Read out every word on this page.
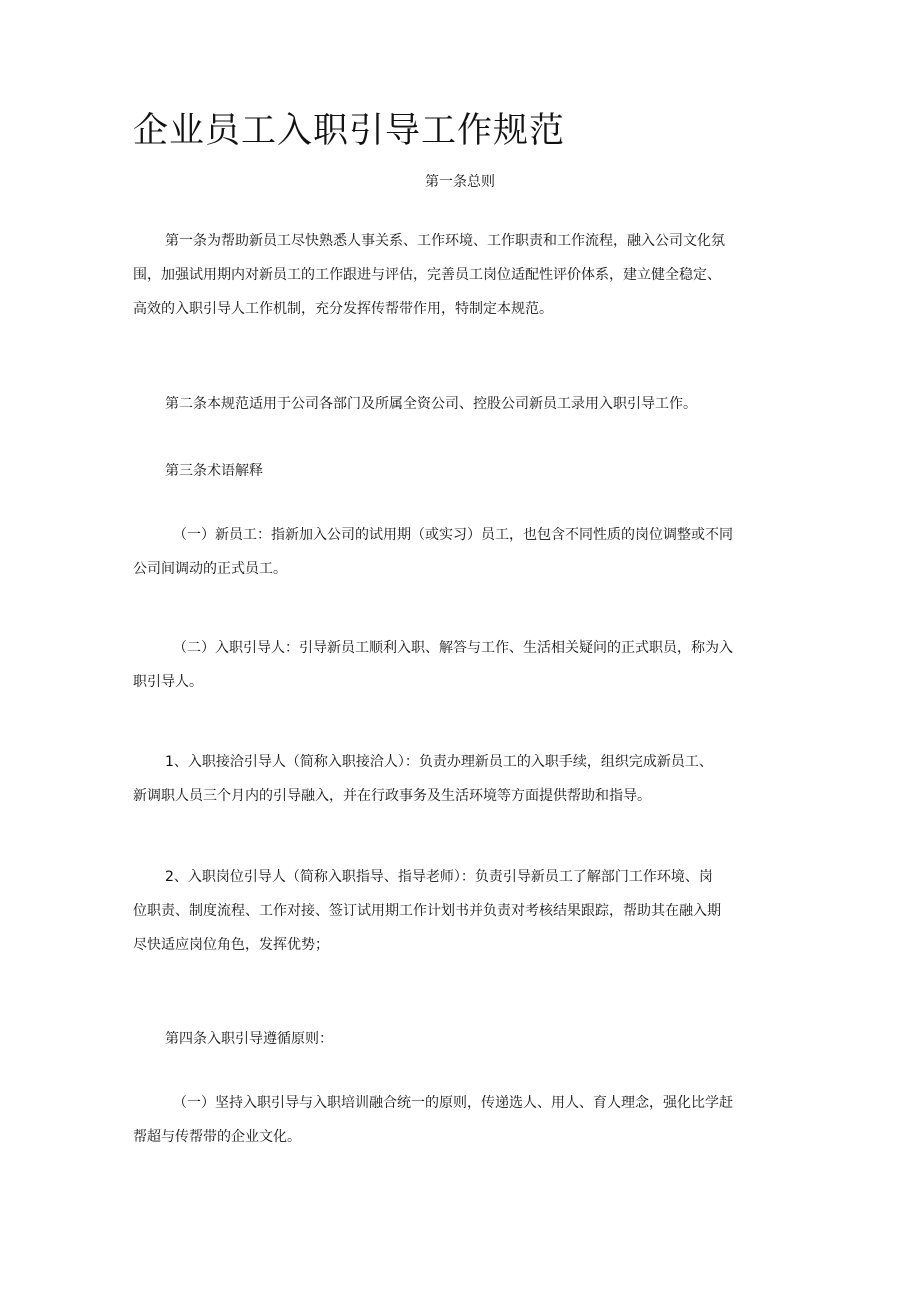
企业员工入职引导工作规范
第一条总则
第一条为帮助新员工尽快熟悉人事关系、工作环境、工作职责和工作流程，融入公司文化氛
围，加强试用期内对新员工的工作跟进与评估，完善员工岗位适配性评价体系，建立健全稳定、
高效的入职引导人工作机制，充分发挥传帮带作用，特制定本规范。
第二条本规范适用于公司各部门及所属全资公司、控股公司新员工录用入职引导工作。
第三条术语解释
（一）新员工：指新加入公司的试用期（或实习）员工，也包含不同性质的岗位调整或不同
公司间调动的正式员工。
（二）入职引导人：引导新员工顺利入职、解答与工作、生活相关疑问的正式职员，称为入
职引导人。
1、入职接洽引导人（简称入职接洽人）：负责办理新员工的入职手续，组织完成新员工、
新调职人员三个月内的引导融入，并在行政事务及生活环境等方面提供帮助和指导。
2、入职岗位引导人（简称入职指导、指导老师）：负责引导新员工了解部门工作环境、岗
位职责、制度流程、工作对接、签订试用期工作计划书并负责对考核结果跟踪，帮助其在融入期
尽快适应岗位角色，发挥优势；
第四条入职引导遵循原则：
（一）坚持入职引导与入职培训融合统一的原则，传递选人、用人、育人理念，强化比学赶
帮超与传帮带的企业文化。
